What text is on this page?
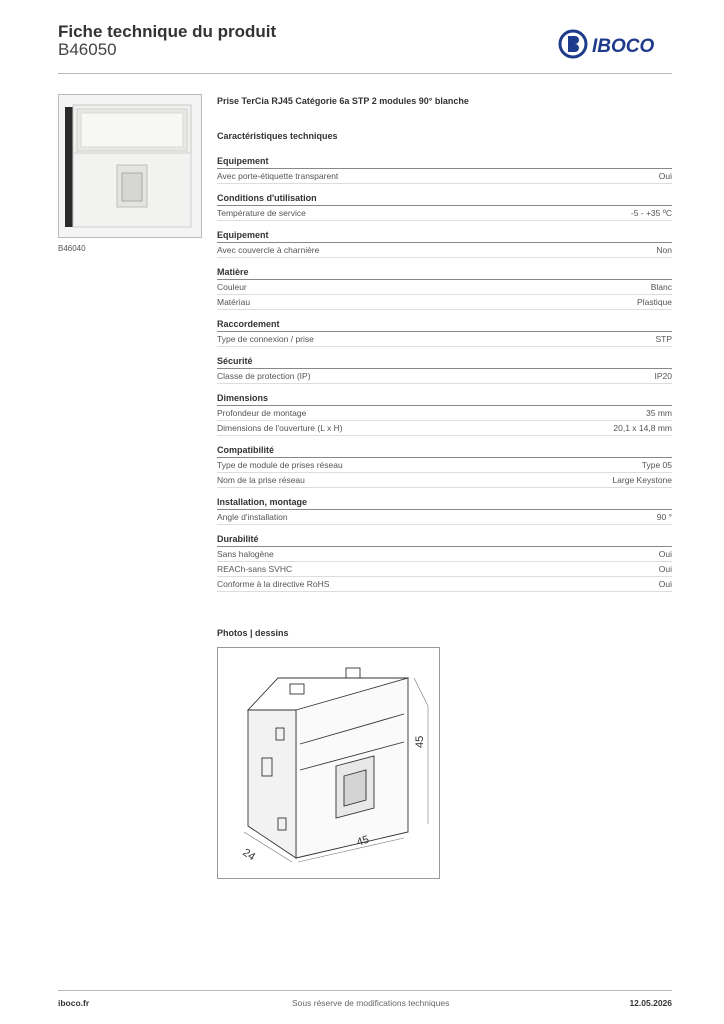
Fiche technique du produit
B46050	IBOCO
B46040
Prise TerCia RJ45 Catégorie 6a STP 2 modules 90° blanche
Caractéristiques techniques
Equipement
Avec porte-étiquette transparent	Oui
Conditions d'utilisation
Température de service	-5 - +35 ºC
Equipement
Avec couvercle à charnière	Non
Matière
Couleur	Blanc
Matériau	Plastique
Raccordement
Type de connexion / prise	STP
Sécurité
Classe de protection (IP)	IP20
Dimensions
Profondeur de montage	35 mm
Dimensions de l'ouverture (L x H)	20,1 x 14,8 mm
Compatibilité
Type de module de prises réseau	Type 05
Nom de la prise réseau	Large Keystone
Installation, montage
Angle d'installation	90 °
Durabilité
Sans halogène	Oui
REACh-sans SVHC	Oui
Conforme à la directive RoHS	Oui
Photos | dessins
45
45
24
iboco.fr	Sous réserve de modifications techniques	12.05.2026
